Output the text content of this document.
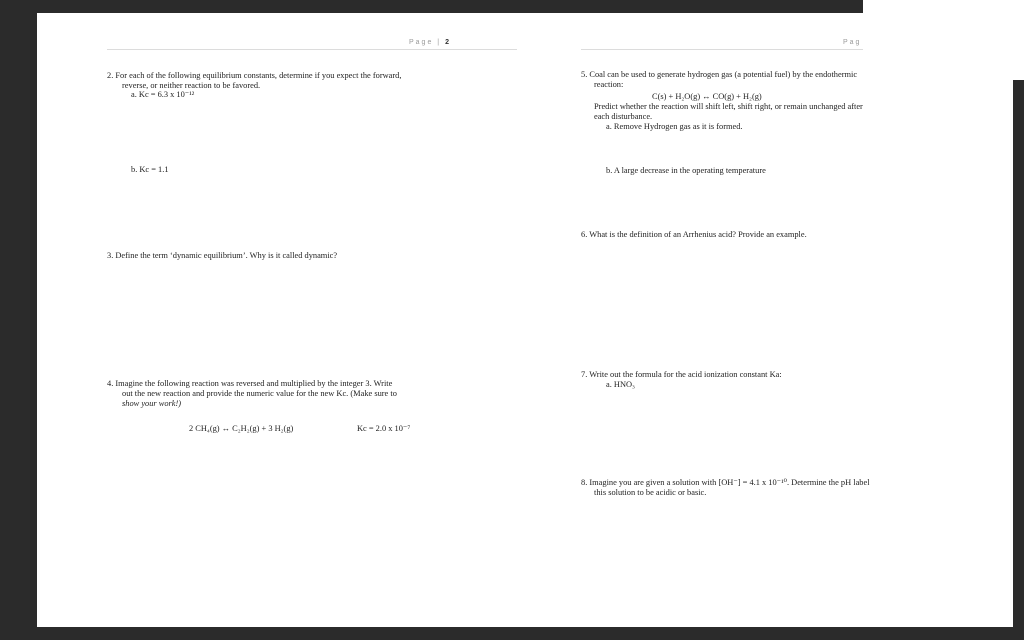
Page | 2
2. For each of the following equilibrium constants, determine if you expect the forward,
reverse, or neither reaction to be favored.
a. Kc = 6.3 x 10⁻¹²
b. Kc = 1.1
3. Define the term ‘dynamic equilibrium’. Why is it called dynamic?
4. Imagine the following reaction was reversed and multiplied by the integer 3. Write
out the new reaction and provide the numeric value for the new Kc. (Make sure to
show your work!)
2 CH₄(g) ↔ C₂H₂(g) + 3 H₂(g)	Kc = 2.0 x 10⁻⁷
Pag
5. Coal can be used to generate hydrogen gas (a potential fuel) by the endothermic
reaction:
C(s) + H₂O(g) ↔ CO(g) + H₂(g)
Predict whether the reaction will shift left, shift right, or remain unchanged after
each disturbance.
a. Remove Hydrogen gas as it is formed.
b. A large decrease in the operating temperature
6. What is the definition of an Arrhenius acid? Provide an example.
7. Write out the formula for the acid ionization constant Ka:
a. HNO₃
8. Imagine you are given a solution with [OH⁻] = 4.1 x 10⁻¹⁰. Determine the pH label
this solution to be acidic or basic.
